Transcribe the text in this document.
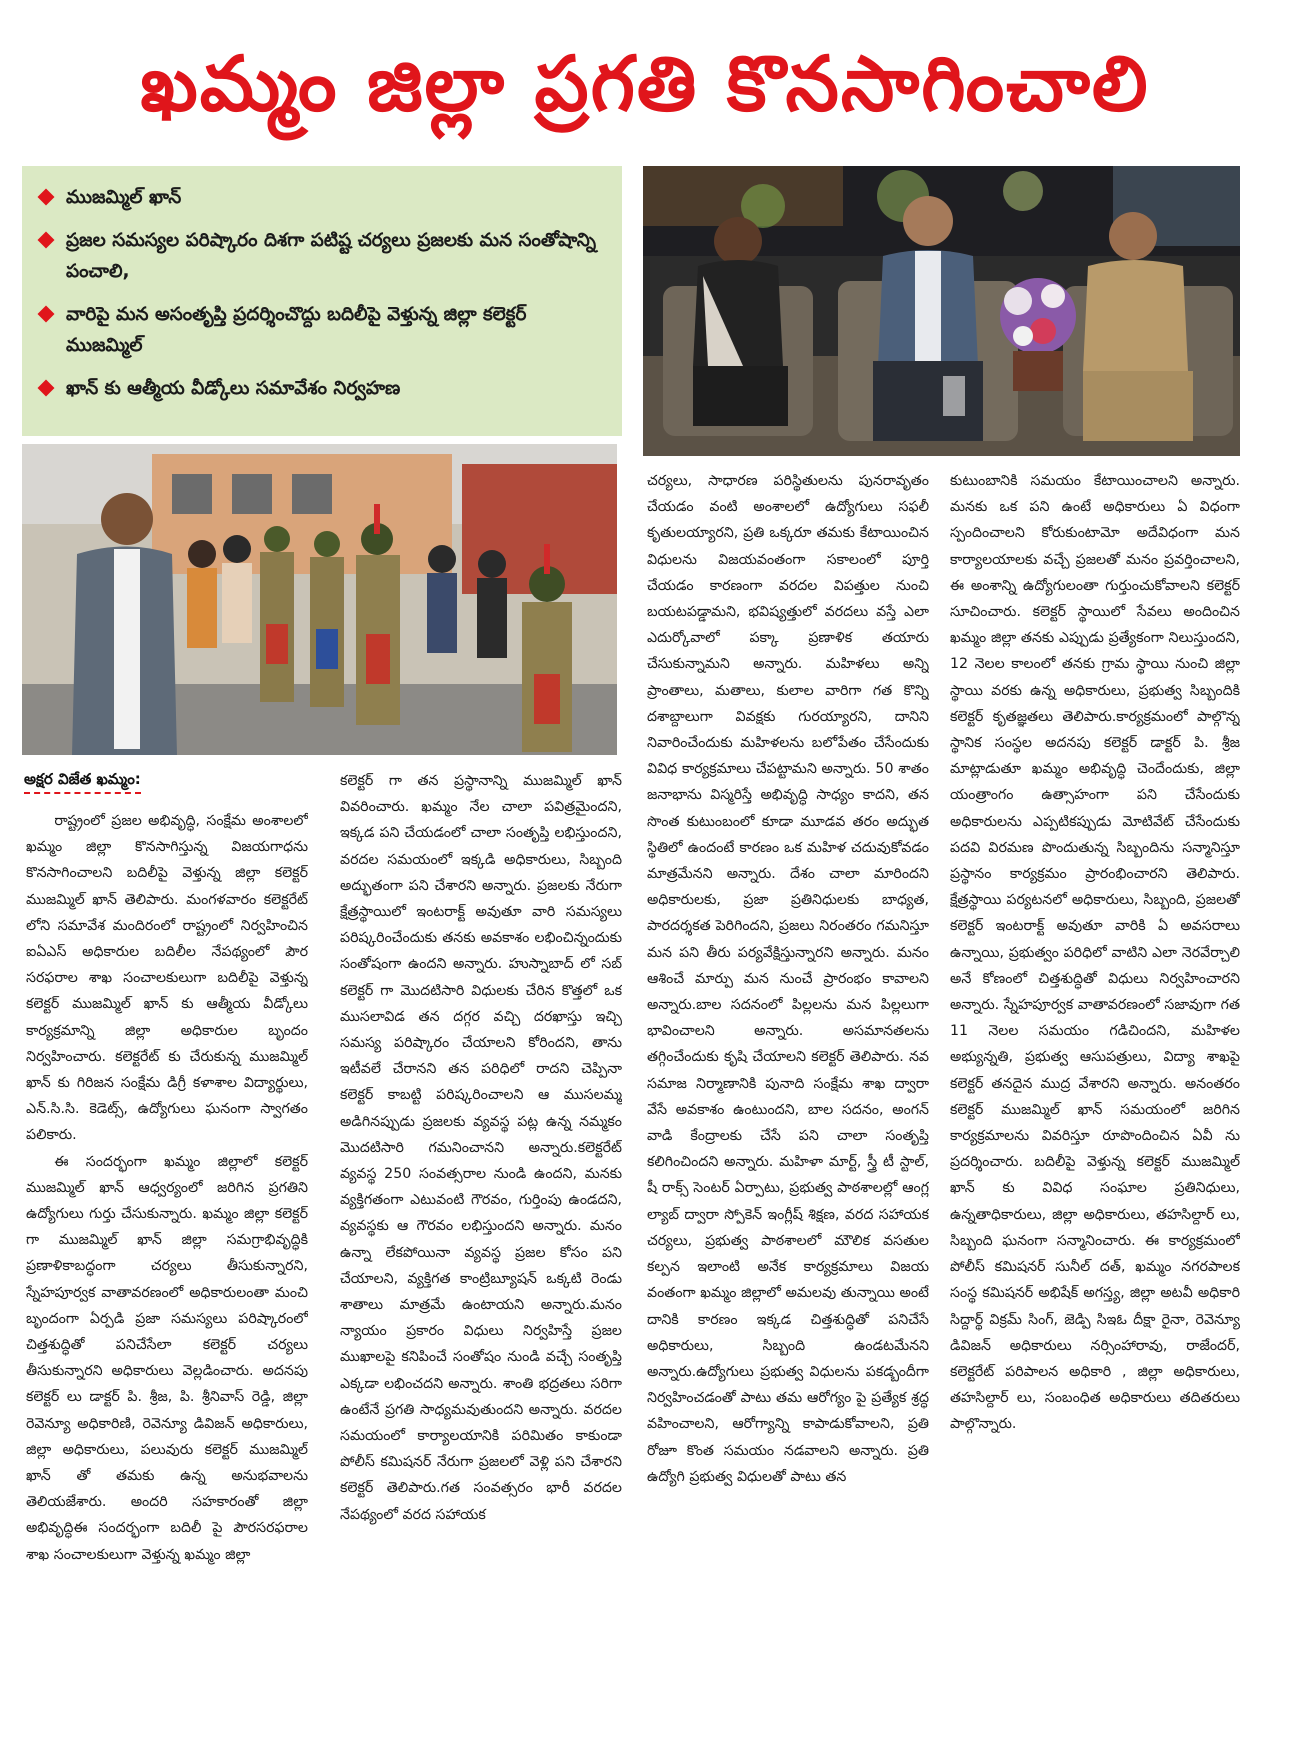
ఖమ్మం జిల్లా ప్రగతి కొనసాగించాలి
ముజమ్మిల్ ఖాన్
ప్రజల సమస్యల పరిష్కారం దిశగా పటిష్ట చర్యలు ప్రజలకు మన సంతోషాన్ని పంచాలి,
వారిపై మన అసంతృప్తి ప్రదర్శించొద్దు బదిలీపై వెళ్తున్న జిల్లా కలెక్టర్ ముజమ్మిల్
ఖాన్ కు ఆత్మీయ వీడ్కోలు సమావేశం నిర్వహణ
అక్షర విజేత ఖమ్మం:

రాష్ట్రంలో ప్రజల అభివృద్ధి, సంక్షేమ అంశాలలో ఖమ్మం జిల్లా కొనసాగిస్తున్న విజయగాధను కొనసాగించాలని బదిలీపై వెళ్తున్న జిల్లా కలెక్టర్ ముజమ్మిల్ ఖాన్ తెలిపారు. మంగళవారం కలెక్టరేట్ లోని సమావేశ మందిరంలో రాష్ట్రంలో నిర్వహించిన ఐఏఎస్ అధికారుల బదిలీల నేపథ్యంలో పౌర సరఫరాల శాఖ సంచాలకులుగా బదిలీపై వెళ్తున్న కలెక్టర్ ముజమ్మిల్ ఖాన్ కు ఆత్మీయ వీడ్కోలు కార్యక్రమాన్ని జిల్లా అధికారుల బృందం నిర్వహించారు. కలెక్టరేట్ కు చేరుకున్న ముజమ్మిల్ ఖాన్ కు గిరిజన సంక్షేమ డిగ్రీ కళాశాల విద్యార్థులు, ఎన్.సి.సి. కెడెట్స్, ఉద్యోగులు ఘనంగా స్వాగతం పలికారు.

ఈ సందర్భంగా ఖమ్మం జిల్లాలో కలెక్టర్ ముజమ్మిల్ ఖాన్ ఆధ్వర్యంలో జరిగిన ప్రగతిని ఉద్యోగులు గుర్తు చేసుకున్నారు. ఖమ్మం జిల్లా కలెక్టర్ గా ముజమ్మిల్ ఖాన్ జిల్లా సమగ్రాభివృద్ధికి ప్రణాళికాబద్ధంగా చర్యలు తీసుకున్నారని, స్నేహపూర్వక వాతావరణంలో అధికారులంతా మంచి బృందంగా ఏర్పడి ప్రజా సమస్యలు పరిష్కారంలో చిత్తశుద్ధితో పనిచేసేలా కలెక్టర్ చర్యలు తీసుకున్నారని అధికారులు వెల్లడించారు. అదనపు కలెక్టర్ లు డాక్టర్ పి. శ్రీజ, పి. శ్రీనివాస్ రెడ్డి, జిల్లా రెవెన్యూ అధికారిణి, రెవెన్యూ డివిజన్ అధికారులు, జిల్లా అధికారులు, పలువురు కలెక్టర్ ముజమ్మిల్ ఖాన్ తో తమకు ఉన్న అనుభవాలను తెలియజేశారు. అందరి సహకారంతో జిల్లా అభివృద్ధిఈ సందర్భంగా బదిలీ పై పౌరసరఫరాల శాఖ సంచాలకులుగా వెళ్తున్న ఖమ్మం జిల్లా

కలెక్టర్ గా తన ప్రస్థానాన్ని ముజమ్మిల్ ఖాన్ వివరించారు. ఖమ్మం నేల చాలా పవిత్రమైందని, ఇక్కడ పని చేయడంలో చాలా సంతృప్తి లభిస్తుందని, వరదల సమయంలో ఇక్కడి అధికారులు, సిబ్బంది అద్భుతంగా పని చేశారని అన్నారు. ప్రజలకు నేరుగా క్షేత్రస్థాయిలో ఇంటరాక్ట్ అవుతూ వారి సమస్యలు పరిష్కరించేందుకు తనకు అవకాశం లభించిన్నందుకు సంతోషంగా ఉందని అన్నారు. హుస్నాబాద్ లో సబ్ కలెక్టర్ గా మొదటిసారి విధులకు చేరిన కొత్తలో ఒక ముసలావిడ తన దగ్గర వచ్చి దరఖాస్తు ఇచ్చి సమస్య పరిష్కారం చేయాలని కోరిందని, తాను ఇటీవలే చేరానని తన పరిధిలో రాదని చెప్పినా కలెక్టర్ కాబట్టి పరిష్కరించాలని ఆ ముసలమ్మ అడిగినప్పుడు ప్రజలకు వ్యవస్థ పట్ల ఉన్న నమ్మకం మొదటిసారి గమనించానని అన్నారు.కలెక్టరేట్ వ్యవస్థ 250 సంవత్సరాల నుండి ఉందని, మనకు వ్యక్తిగతంగా ఎటువంటి గౌరవం, గుర్తింపు ఉండదని, వ్యవస్థకు ఆ గౌరవం లభిస్తుందని అన్నారు. మనం ఉన్నా లేకపోయినా వ్యవస్థ ప్రజల కోసం పని చేయాలని, వ్యక్తిగత కాంట్రిబ్యూషన్ ఒక్కటి రెండు శాతాలు మాత్రమే ఉంటాయని అన్నారు.మనం న్యాయం ప్రకారం విధులు నిర్వహిస్తే ప్రజల ముఖాలపై కనిపించే సంతోషం నుండి వచ్చే సంతృప్తి ఎక్కడా లభించదని అన్నారు. శాంతి భద్రతలు సరిగా ఉంటేనే ప్రగతి సాధ్యమవుతుందని అన్నారు. వరదల సమయంలో కార్యాలయానికి పరిమితం కాకుండా పోలీస్ కమిషనర్ నేరుగా ప్రజలలో వెళ్లి పని చేశారని కలెక్టర్ తెలిపారు.గత సంవత్సరం భారీ వరదల నేపథ్యంలో వరద సహాయక

చర్యలు, సాధారణ పరిస్థితులను పునరావృతం చేయడం వంటి అంశాలలో ఉద్యోగులు సఫలీ కృతులయ్యారని, ప్రతి ఒక్కరూ తమకు కేటాయించిన విధులను విజయవంతంగా సకాలంలో పూర్తి చేయడం కారణంగా వరదల విపత్తుల నుంచి బయటపడ్డామని, భవిష్యత్తులో వరదలు వస్తే ఎలా ఎదుర్కోవాలో పక్కా ప్రణాళిక తయారు చేసుకున్నామని అన్నారు. మహిళలు అన్ని ప్రాంతాలు, మతాలు, కులాల వారిగా గత కొన్ని దశాబ్దాలుగా వివక్షకు గురయ్యారని, దానిని నివారించేందుకు మహిళలను బలోపేతం చేసేందుకు వివిధ కార్యక్రమాలు చేపట్టామని అన్నారు. 50 శాతం జనాభాను విస్మరిస్తే అభివృద్ధి సాధ్యం కాదని, తన సొంత కుటుంబంలో కూడా మూడవ తరం అద్భుత స్థితిలో ఉందంటే కారణం ఒక మహిళ చదువుకోవడం మాత్రమేనని అన్నారు. దేశం చాలా మారిందని అధికారులకు, ప్రజా ప్రతినిధులకు బాధ్యత, పారదర్శకత పెరిగిందని, ప్రజలు నిరంతరం గమనిస్తూ మన పని తీరు పర్యవేక్షిస్తున్నారని అన్నారు. మనం ఆశించే మార్పు మన నుంచే ప్రారంభం కావాలని అన్నారు.బాల సదనంలో పిల్లలను మన పిల్లలుగా భావించాలని అన్నారు. అసమానతలను తగ్గించేందుకు కృషి చేయాలని కలెక్టర్ తెలిపారు. నవ సమాజ నిర్మాణానికి పునాది సంక్షేమ శాఖ ద్వారా వేసే అవకాశం ఉంటుందని, బాల సదనం, అంగన్ వాడి కేంద్రాలకు చేసే పని చాలా సంతృప్తి కలిగించిందని అన్నారు. మహిళా మార్ట్, స్త్రీ టీ స్టాల్, షీ రాక్స్ సెంటర్ ఏర్పాటు, ప్రభుత్వ పాఠశాలల్లో ఆంగ్ల ల్యాబ్ ద్వారా స్పోకెన్ ఇంగ్లీష్ శిక్షణ, వరద సహాయక చర్యలు, ప్రభుత్వ పాఠశాలలో మౌలిక వసతుల కల్పన ఇలాంటి అనేక కార్యక్రమాలు విజయ వంతంగా ఖమ్మం జిల్లాలో అమలవు తున్నాయి అంటే దానికి కారణం ఇక్కడ చిత్తశుద్ధితో పనిచేసే అధికారులు, సిబ్బంది ఉండటమేనని అన్నారు.ఉద్యోగులు ప్రభుత్వ విధులను పకడ్బందీగా నిర్వహించడంతో పాటు తమ ఆరోగ్యం పై ప్రత్యేక శ్రద్ధ వహించాలని, ఆరోగ్యాన్ని కాపాడుకోవాలని, ప్రతి రోజూ కొంత సమయం నడవాలని అన్నారు. ప్రతి ఉద్యోగి ప్రభుత్వ విధులతో పాటు తన

కుటుంబానికి సమయం కేటాయించాలని అన్నారు. మనకు ఒక పని ఉంటే అధికారులు ఏ విధంగా స్పందించాలని కోరుకుంటామో అదేవిధంగా మన కార్యాలయాలకు వచ్చే ప్రజలతో మనం ప్రవర్తించాలని, ఈ అంశాన్ని ఉద్యోగులంతా గుర్తుంచుకోవాలని కలెక్టర్ సూచించారు. కలెక్టర్ స్థాయిలో సేవలు అందించిన ఖమ్మం జిల్లా తనకు ఎప్పుడు ప్రత్యేకంగా నిలుస్తుందని, 12 నెలల కాలంలో తనకు గ్రామ స్థాయి నుంచి జిల్లా స్థాయి వరకు ఉన్న అధికారులు, ప్రభుత్వ సిబ్బందికి కలెక్టర్ కృతజ్ఞతలు తెలిపారు.కార్యక్రమంలో పాల్గొన్న స్థానిక సంస్థల అదనపు కలెక్టర్ డాక్టర్ పి. శ్రీజ మాట్లాడుతూ ఖమ్మం అభివృద్ధి చెందేందుకు, జిల్లా యంత్రాంగం ఉత్సాహంగా పని చేసేందుకు అధికారులను ఎప్పటికప్పుడు మోటివేట్ చేసేందుకు పదవి విరమణ పొందుతున్న సిబ్బందిను సన్మానిస్తూ ప్రస్థానం కార్యక్రమం ప్రారంభించారని తెలిపారు. క్షేత్రస్థాయి పర్యటనలో అధికారులు, సిబ్బంది, ప్రజలతో కలెక్టర్ ఇంటరాక్ట్ అవుతూ వారికి ఏ అవసరాలు ఉన్నాయి, ప్రభుత్వం పరిధిలో వాటిని ఎలా నెరవేర్చాలి అనే కోణంలో చిత్తశుద్ధితో విధులు నిర్వహించారని అన్నారు. స్నేహపూర్వక వాతావరణంలో సజావుగా గత 11 నెలల సమయం గడిచిందని, మహిళల అభ్యున్నతి, ప్రభుత్వ ఆసుపత్రులు, విద్యా శాఖపై కలెక్టర్ తనదైన ముద్ర వేశారని అన్నారు. అనంతరం కలెక్టర్ ముజమ్మిల్ ఖాన్ సమయంలో జరిగిన కార్యక్రమాలను వివరిస్తూ రూపొందించిన ఏవీ ను ప్రదర్శించారు. బదిలీపై వెళ్తున్న కలెక్టర్ ముజమ్మిల్ ఖాన్ కు వివిధ సంఘాల ప్రతినిధులు, ఉన్నతాధికారులు, జిల్లా అధికారులు, తహసిల్దార్ లు, సిబ్బంది ఘనంగా సన్మానించారు. ఈ కార్యక్రమంలో పోలీస్ కమిషనర్ సునీల్ దత్, ఖమ్మం నగరపాలక సంస్థ కమిషనర్ అభిషేక్ అగస్త్య, జిల్లా అటవీ అధికారి సిద్దార్థ్ విక్రమ్ సింగ్, జెడ్పి సిఇఓ దీక్షా రైనా, రెవెన్యూ డివిజన్ అధికారులు నర్సింహారావు, రాజేందర్, కలెక్టరేట్ పరిపాలన అధికారి , జిల్లా అధికారులు, తహసిల్దార్ లు, సంబంధిత అధికారులు తదితరులు పాల్గొన్నారు.
